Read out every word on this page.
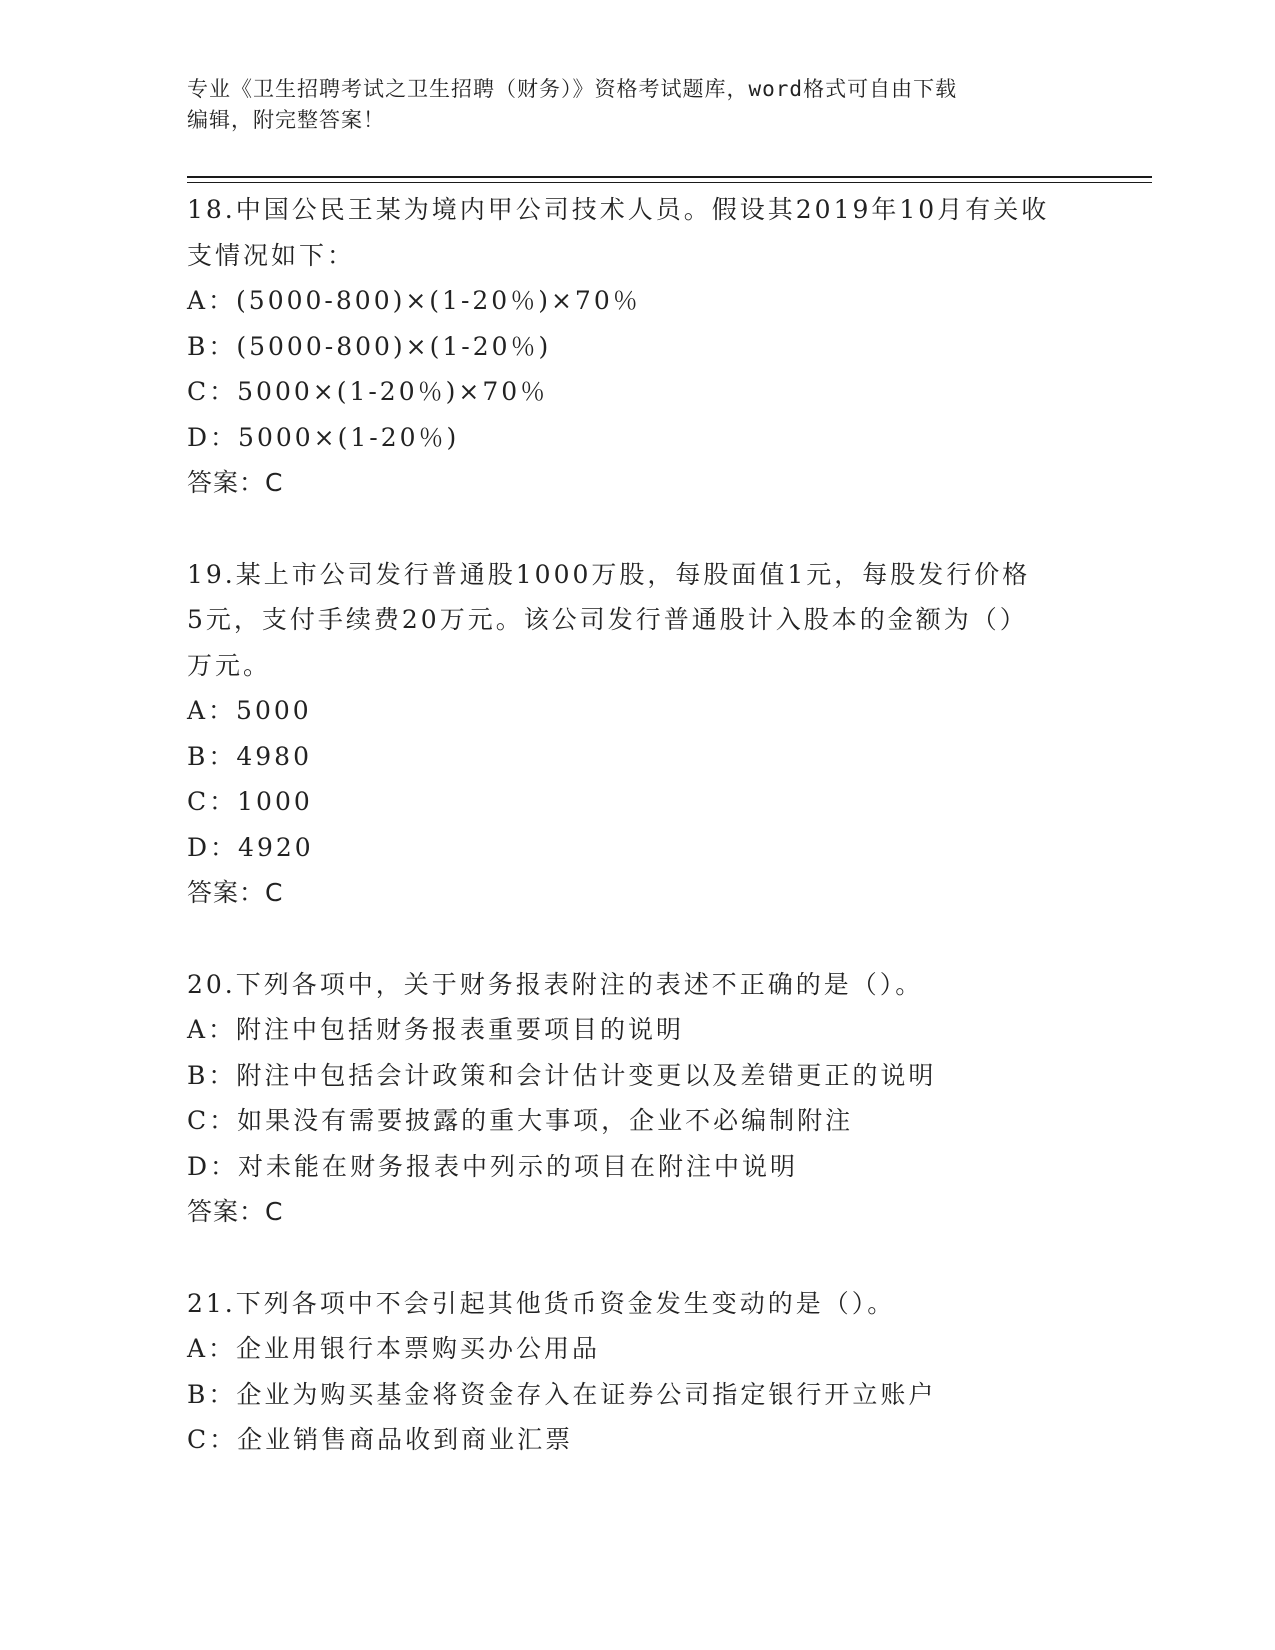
专业《卫生招聘考试之卫生招聘（财务）》资格考试题库，word格式可自由下载
编辑，附完整答案！
18.中国公民王某为境内甲公司技术人员。假设其2019年10月有关收
支情况如下：
A：(5000-800)×(1-20％)×70％
B：(5000-800)×(1-20％)
C：5000×(1-20％)×70％
D：5000×(1-20％)
答案：C
19.某上市公司发行普通股1000万股，每股面值1元，每股发行价格
5元，支付手续费20万元。该公司发行普通股计入股本的金额为（）
万元。
A：5000
B：4980
C：1000
D：4920
答案：C
20.下列各项中，关于财务报表附注的表述不正确的是（）。
A：附注中包括财务报表重要项目的说明
B：附注中包括会计政策和会计估计变更以及差错更正的说明
C：如果没有需要披露的重大事项，企业不必编制附注
D：对未能在财务报表中列示的项目在附注中说明
答案：C
21.下列各项中不会引起其他货币资金发生变动的是（）。
A：企业用银行本票购买办公用品
B：企业为购买基金将资金存入在证券公司指定银行开立账户
C：企业销售商品收到商业汇票
